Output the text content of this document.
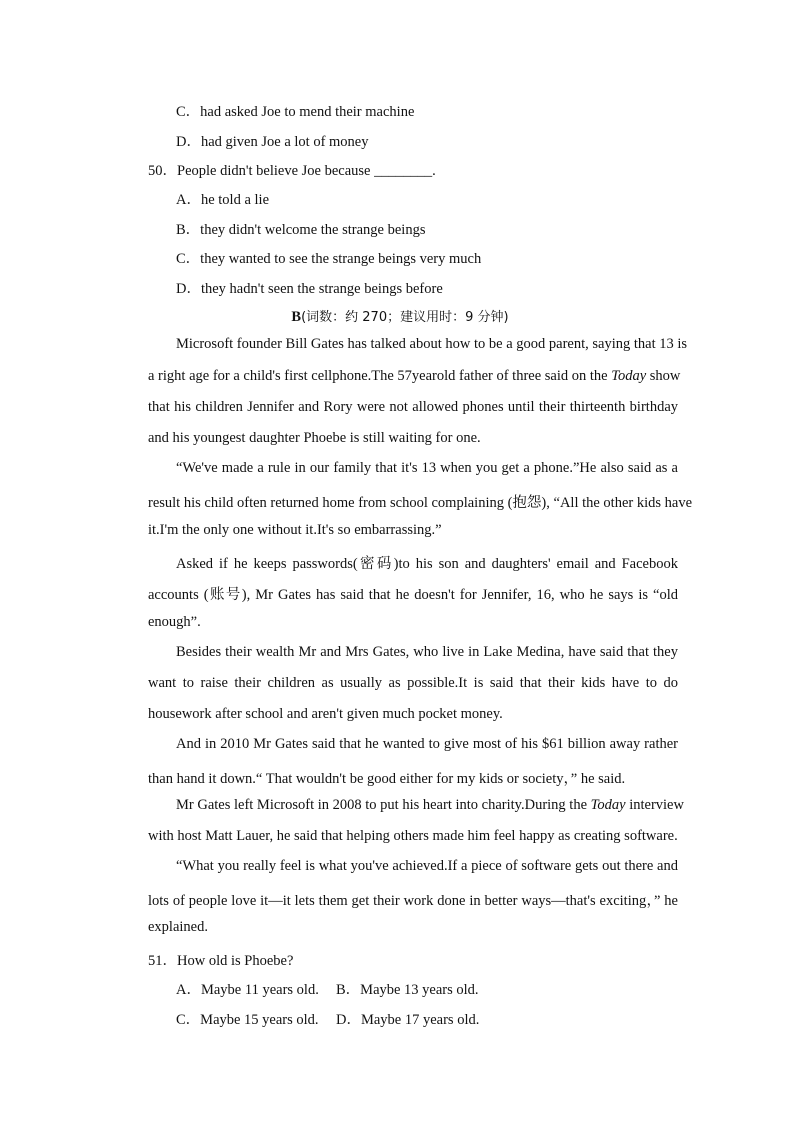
C．had asked Joe to mend their machine
D．had given Joe a lot of money
50．People didn't believe Joe because ________.
A．he told a lie
B．they didn't welcome the strange beings
C．they wanted to see the strange beings very much
D．they hadn't seen the strange beings before
B(词数：约 270；建议用时：9 分钟)
Microsoft founder Bill Gates has talked about how to be a good parent, saying that 13 is
a right age for a child's first cellphone.The 57yearold father of three said on the Today show
that his children Jennifer and Rory were not allowed phones until their thirteenth birthday
and his youngest daughter Phoebe is still waiting for one.
“We've made a rule in our family that it's 13 when you get a phone.”He also said as a
result his child often returned home from school complaining (抱怨), “All the other kids have
it.I'm the only one without it.It's so embarrassing.”
Asked if he keeps passwords(密码)to his son and daughters' email and Facebook
accounts (账号), Mr Gates has said that he doesn't for Jennifer, 16, who he says is “old
enough”.
Besides their wealth Mr and Mrs Gates, who live in Lake Medina, have said that they
want to raise their children as usually as possible.It is said that their kids have to do
housework after school and aren't given much pocket money.
And in 2010 Mr Gates said that he wanted to give most of his $61 billion away rather
than hand it down.“ That wouldn't be good either for my kids or society，” he said.
Mr Gates left Microsoft in 2008 to put his heart into charity.During the Today interview
with host Matt Lauer, he said that helping others made him feel happy as creating software.
“What you really feel is what you've achieved.If a piece of software gets out there and
lots of people love it—it lets them get their work done in better ways—that's exciting，” he
explained.
51．How old is Phoebe?
A．Maybe 11 years old. B．Maybe 13 years old.
C．Maybe 15 years old. D．Maybe 17 years old.
